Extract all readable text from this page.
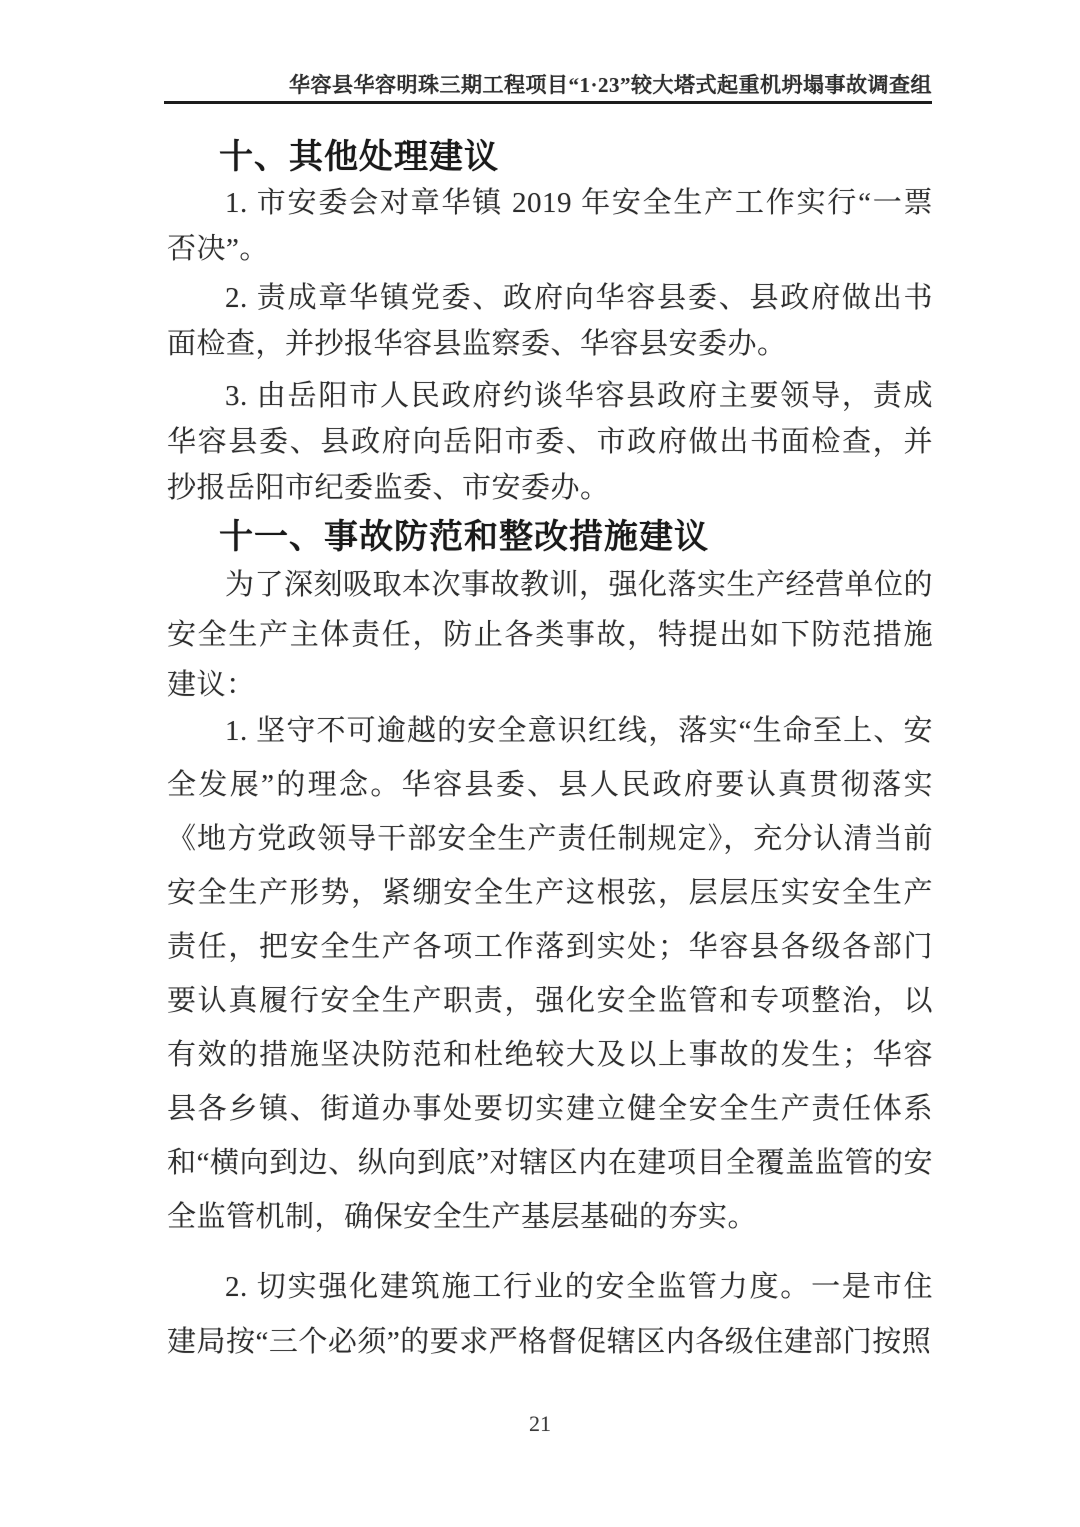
华容县华容明珠三期工程项目“1·23”较大塔式起重机坍塌事故调查组
十、其他处理建议

1. 市安委会对章华镇 2019 年安全生产工作实行“一票否决”。

2. 责成章华镇党委、政府向华容县委、县政府做出书面检查，并抄报华容县监察委、华容县安委办。

3. 由岳阳市人民政府约谈华容县政府主要领导，责成华容县委、县政府向岳阳市委、市政府做出书面检查，并抄报岳阳市纪委监委、市安委办。

十一、事故防范和整改措施建议

为了深刻吸取本次事故教训，强化落实生产经营单位的安全生产主体责任，防止各类事故，特提出如下防范措施建议：

1. 坚守不可逾越的安全意识红线，落实“生命至上、安全发展”的理念。华容县委、县人民政府要认真贯彻落实《地方党政领导干部安全生产责任制规定》，充分认清当前安全生产形势，紧绷安全生产这根弦，层层压实安全生产责任，把安全生产各项工作落到实处；华容县各级各部门要认真履行安全生产职责，强化安全监管和专项整治，以有效的措施坚决防范和杜绝较大及以上事故的发生；华容县各乡镇、街道办事处要切实建立健全安全生产责任体系和“横向到边、纵向到底”对辖区内在建项目全覆盖监管的安全监管机制，确保安全生产基层基础的夯实。

2. 切实强化建筑施工行业的安全监管力度。一是市住建局按“三个必须”的要求严格督促辖区内各级住建部门按照

21
